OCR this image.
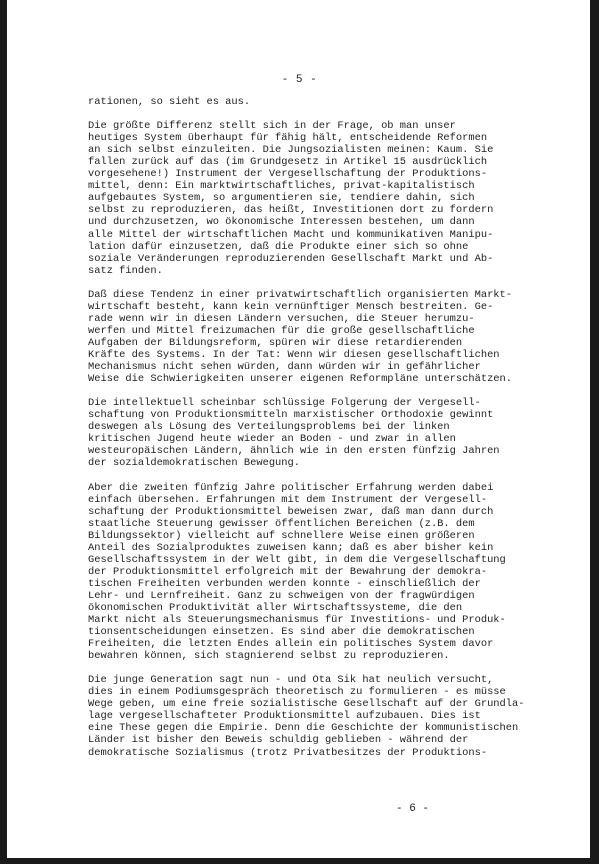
- 5 -
rationen, so sieht es aus.
Die größte Differenz stellt sich in der Frage, ob man unser
heutiges System überhaupt für fähig hält, entscheidende Reformen
an sich selbst einzuleiten. Die Jungsozialisten meinen: Kaum. Sie
fallen zurück auf das (im Grundgesetz in Artikel 15 ausdrücklich
vorgesehene!) Instrument der Vergesellschaftung der Produktions-
mittel, denn: Ein marktwirtschaftliches, privat-kapitalistisch
aufgebautes System, so argumentieren sie, tendiere dahin, sich
selbst zu reproduzieren, das heißt, Investitionen dort zu fordern
und durchzusetzen, wo ökonomische Interessen bestehen, um dann
alle Mittel der wirtschaftlichen Macht und kommunikativen Manipu-
lation dafür einzusetzen, daß die Produkte einer sich so ohne
soziale Veränderungen reproduzierenden Gesellschaft Markt und Ab-
satz finden.
Daß diese Tendenz in einer privatwirtschaftlich organisierten Markt-
wirtschaft besteht, kann kein vernünftiger Mensch bestreiten. Ge-
rade wenn wir in diesen Ländern versuchen, die Steuer herumzu-
werfen und Mittel freizumachen für die große gesellschaftliche
Aufgaben der Bildungsreform, spüren wir diese retardierenden
Kräfte des Systems. In der Tat: Wenn wir diesen gesellschaftlichen
Mechanismus nicht sehen würden, dann würden wir in gefährlicher
Weise die Schwierigkeiten unserer eigenen Reformpläne unterschätzen.
Die intellektuell scheinbar schlüssige Folgerung der Vergesell-
schaftung von Produktionsmitteln marxistischer Orthodoxie gewinnt
deswegen als Lösung des Verteilungsproblems bei der linken
kritischen Jugend heute wieder an Boden - und zwar in allen
westeuropäischen Ländern, ähnlich wie in den ersten fünfzig Jahren
der sozialdemokratischen Bewegung.
Aber die zweiten fünfzig Jahre politischer Erfahrung werden dabei
einfach übersehen. Erfahrungen mit dem Instrument der Vergesell-
schaftung der Produktionsmittel beweisen zwar, daß man dann durch
staatliche Steuerung gewisser öffentlichen Bereichen (z.B. dem
Bildungssektor) vielleicht auf schnellere Weise einen größeren
Anteil des Sozialproduktes zuweisen kann; daß es aber bisher kein
Gesellschaftssystem in der Welt gibt, in dem die Vergesellschaftung
der Produktionsmittel erfolgreich mit der Bewahrung der demokra-
tischen Freiheiten verbunden werden konnte - einschließlich der
Lehr- und Lernfreiheit. Ganz zu schweigen von der fragwürdigen
ökonomischen Produktivität aller Wirtschaftssysteme, die den
Markt nicht als Steuerungsmechanismus für Investitions- und Produk-
tionsentscheidungen einsetzen. Es sind aber die demokratischen
Freiheiten, die letzten Endes allein ein politisches System davor
bewahren können, sich stagnierend selbst zu reproduzieren.
Die junge Generation sagt nun - und Ota Sik hat neulich versucht,
dies in einem Podiumsgespräch theoretisch zu formulieren - es müsse
Wege geben, um eine freie sozialistische Gesellschaft auf der Grundla-
lage vergesellschafteter Produktionsmittel aufzubauen. Dies ist
eine These gegen die Empirie. Denn die Geschichte der kommunistischen
Länder ist bisher den Beweis schuldig geblieben - während der
demokratische Sozialismus (trotz Privatbesitzes der Produktions-
- 6 -
